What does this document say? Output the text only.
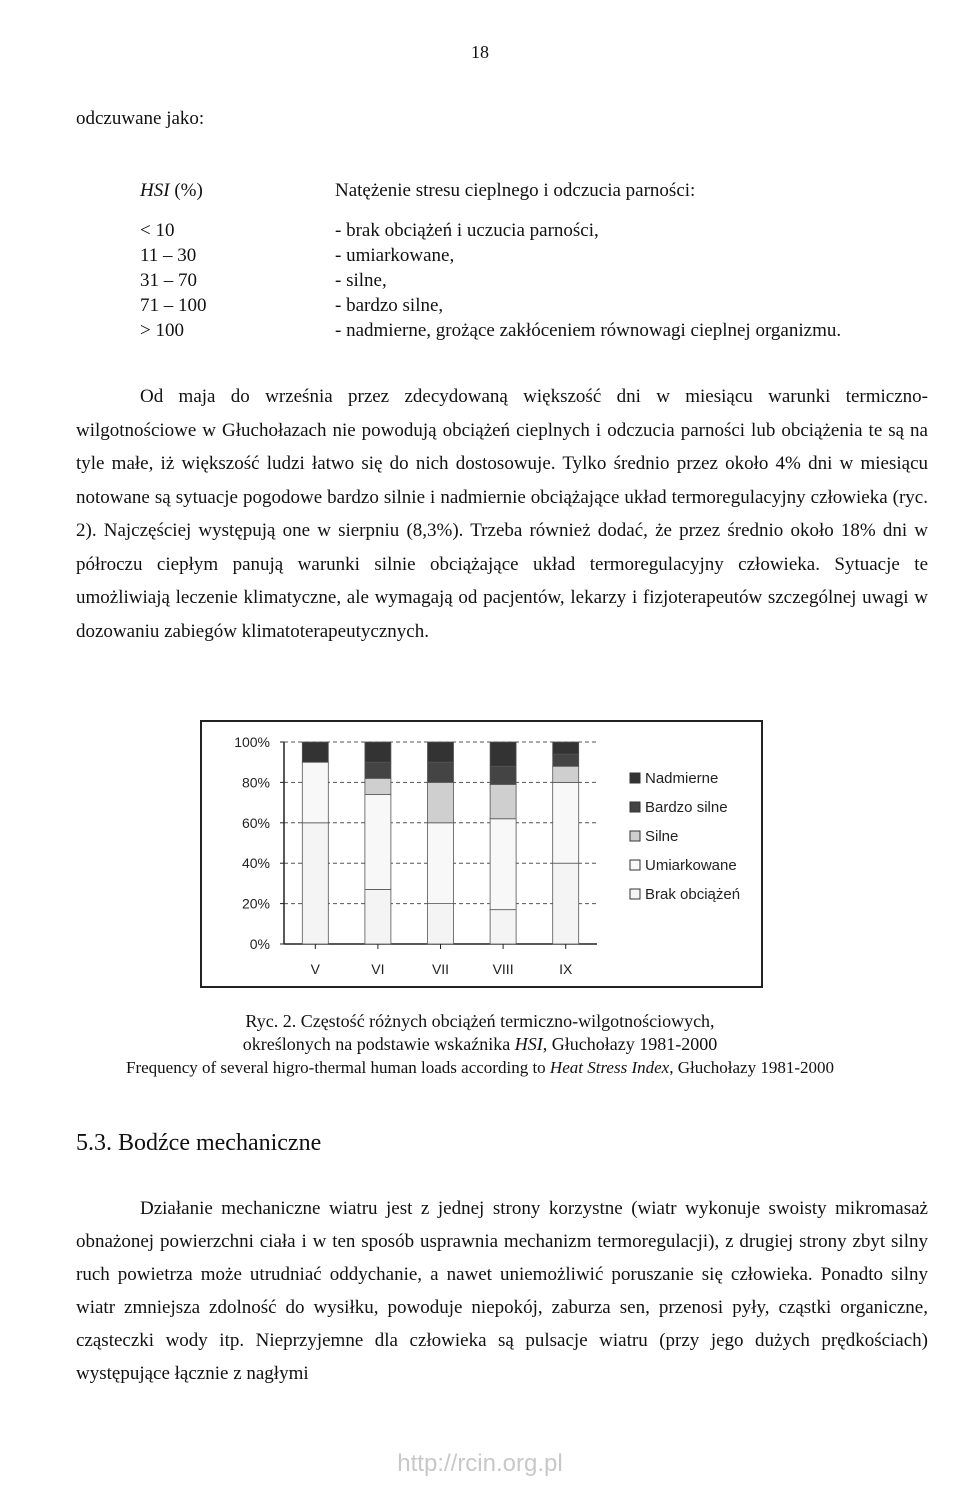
18
odczuwane jako:
HSI (%)	Natężenie stresu cieplnego i odczucia parności:
< 10	- brak obciążeń i uczucia parności,
11 – 30	- umiarkowane,
31 – 70	- silne,
71 – 100	- bardzo silne,
> 100	- nadmierne, grożące zakłóceniem równowagi cieplnej organizmu.
Od maja do września przez zdecydowaną większość dni w miesiącu warunki termiczno-wilgotnościowe w Głuchołazach nie powodują obciążeń cieplnych i odczucia parności lub obciążenia te są na tyle małe, iż większość ludzi łatwo się do nich dostosowuje. Tylko średnio przez około 4% dni w miesiącu notowane są sytuacje pogodowe bardzo silnie i nadmiernie obciążające układ termoregulacyjny człowieka (ryc. 2). Najczęściej występują one w sierpniu (8,3%). Trzeba również dodać, że przez średnio około 18% dni w półroczu ciepłym panują warunki silnie obciążające układ termoregulacyjny człowieka. Sytuacje te umożliwiają leczenie klimatyczne, ale wymagają od pacjentów, lekarzy i fizjoterapeutów szczególnej uwagi w dozowaniu zabiegów klimatoterapeutycznych.
0%
20%
40%
60%
80%
100%
V	VI	VII	VIII	IX
Nadmierne
Bardzo silne
Silne
Umiarkowane
Brak obciążeń
Ryc. 2. Częstość różnych obciążeń termiczno-wilgotnościowych,
określonych na podstawie wskaźnika HSI, Głuchołazy 1981-2000
Frequency of several higro-thermal human loads according to Heat Stress Index, Głuchołazy 1981-2000
5.3. Bodźce mechaniczne
Działanie mechaniczne wiatru jest z jednej strony korzystne (wiatr wykonuje swoisty mikromasaż obnażonej powierzchni ciała i w ten sposób usprawnia mechanizm termoregulacji), z drugiej strony zbyt silny ruch powietrza może utrudniać oddychanie, a nawet uniemożliwić poruszanie się człowieka. Ponadto silny wiatr zmniejsza zdolność do wysiłku, powoduje niepokój, zaburza sen, przenosi pyły, cząstki organiczne, cząsteczki wody itp. Nieprzyjemne dla człowieka są pulsacje wiatru (przy jego dużych prędkościach) występujące łącznie z nagłymi
http://rcin.org.pl
